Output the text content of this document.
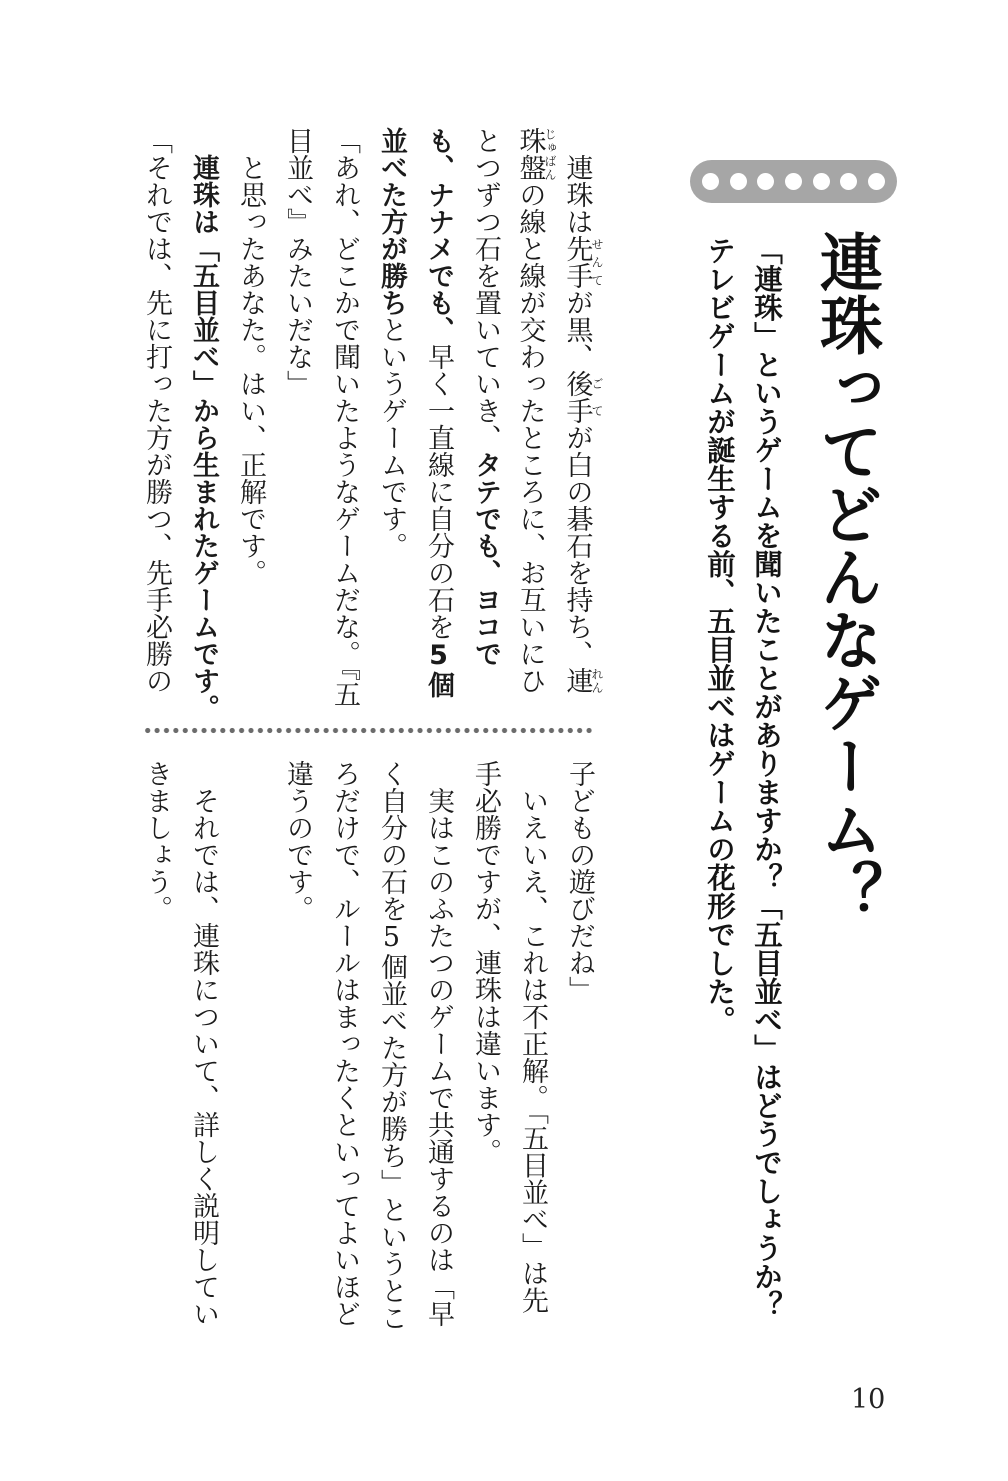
連珠ってどんなゲーム？
「連珠」というゲームを聞いたことがありますか？「五目並べ」はどうでしょうか？
テレビゲームが誕生する前、五目並べはゲームの花形でした。
連珠は先手せんてが黒、後手ごてが白の碁石を持ち、連れん
珠盤じゅばんの線と線が交わったところに、お互いにひ
とつずつ石を置いていき、タテでも、ヨコで
も、ナナメでも、早く一直線に自分の石を5個
並べた方が勝ちというゲームです。
「あれ、どこかで聞いたようなゲームだな。『五
目並べ』みたいだな」
と思ったあなた。はい、正解です。
連珠は「五目並べ」から生まれたゲームです。
「それでは、先に打った方が勝つ、先手必勝の
子どもの遊びだね」
いえいえ、これは不正解。「五目並べ」は先
手必勝ですが、連珠は違います。
実はこのふたつのゲームで共通するのは「早
く自分の石を5個並べた方が勝ち」というとこ
ろだけで、ルールはまったくといってよいほど
違うのです。
それでは、連珠について、詳しく説明してい
きましょう。
10
